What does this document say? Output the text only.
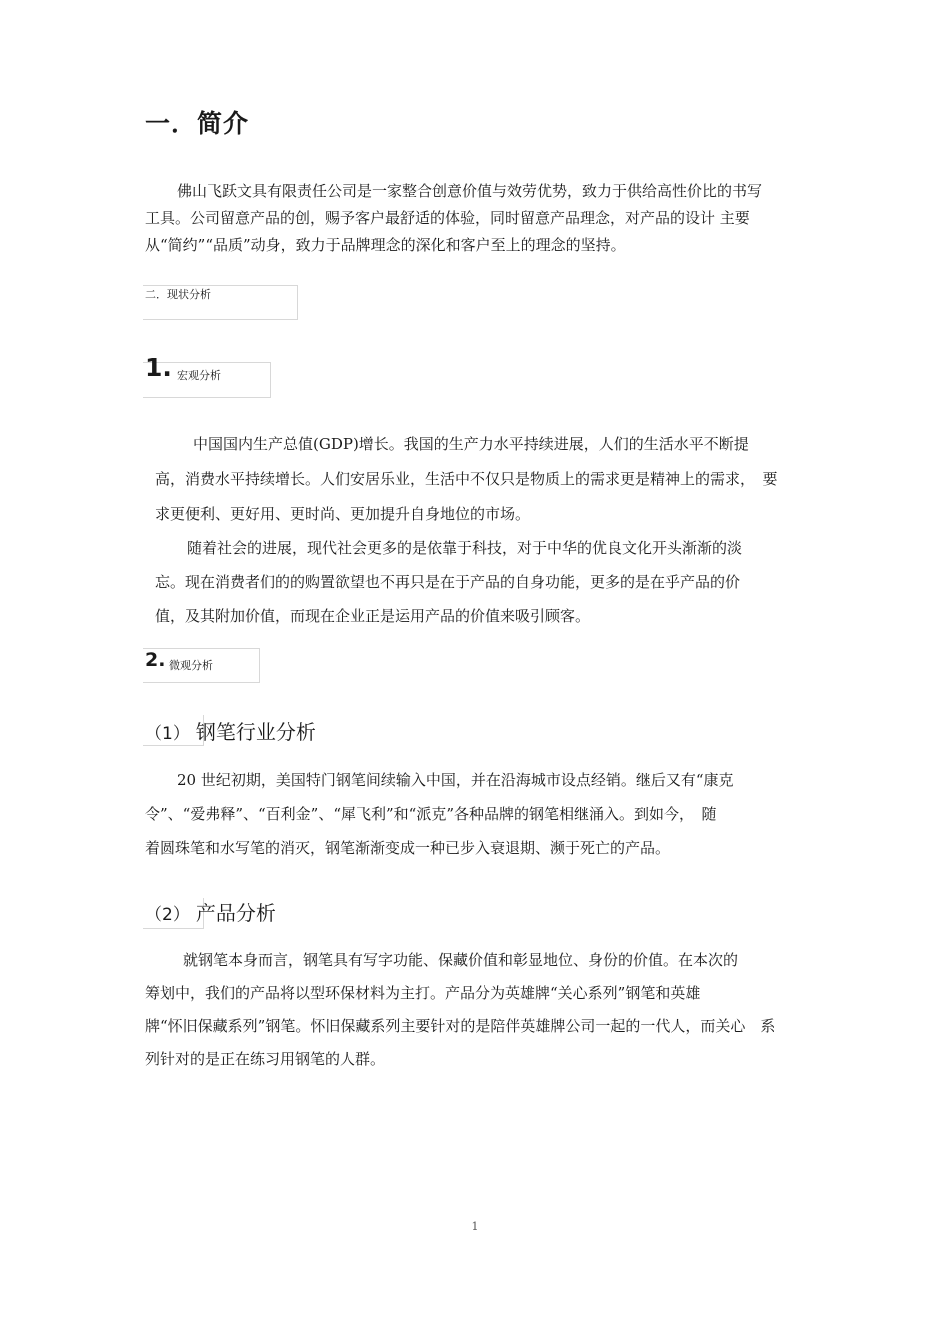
一．简介

佛山飞跃文具有限责任公司是一家整合创意价值与效劳优势，致力于供给高性价比的书写

工具。公司留意产品的创，赐予客户最舒适的体验，同时留意产品理念，对产品的设计 主要

从“简约”“品质”动身，致力于品牌理念的深化和客户至上的理念的坚持。

二．现状分析
1. 宏观分析

中国国内生产总值(GDP)增长。我国的生产力水平持续进展，人们的生活水平不断提

高，消费水平持续增长。人们安居乐业，生活中不仅只是物质上的需求更是精神上的需求，　要

求更便利、更好用、更时尚、更加提升自身地位的市场。

随着社会的进展，现代社会更多的是依靠于科技，对于中华的优良文化开头渐渐的淡

忘。现在消费者们的的购置欲望也不再只是在于产品的自身功能，更多的是在乎产品的价

值，及其附加价值，而现在企业正是运用产品的价值来吸引顾客。

2. 微观分析
（1） 钢笔行业分析

20 世纪初期，美国特门钢笔间续输入中国，并在沿海城市设点经销。继后又有“康克

令”、“爱弗释”、“百利金”、“犀飞利”和“派克”各种品牌的钢笔相继涌入。到如今，　随

着圆珠笔和水写笔的消灭，钢笔渐渐变成一种已步入衰退期、濒于死亡的产品。

（2） 产品分析

就钢笔本身而言，钢笔具有写字功能、保藏价值和彰显地位、身份的价值。在本次的

筹划中，我们的产品将以型环保材料为主打。产品分为英雄牌“关心系列”钢笔和英雄

牌“怀旧保藏系列”钢笔。怀旧保藏系列主要针对的是陪伴英雄牌公司一起的一代人，而关心　系

列针对的是正在练习用钢笔的人群。

1
